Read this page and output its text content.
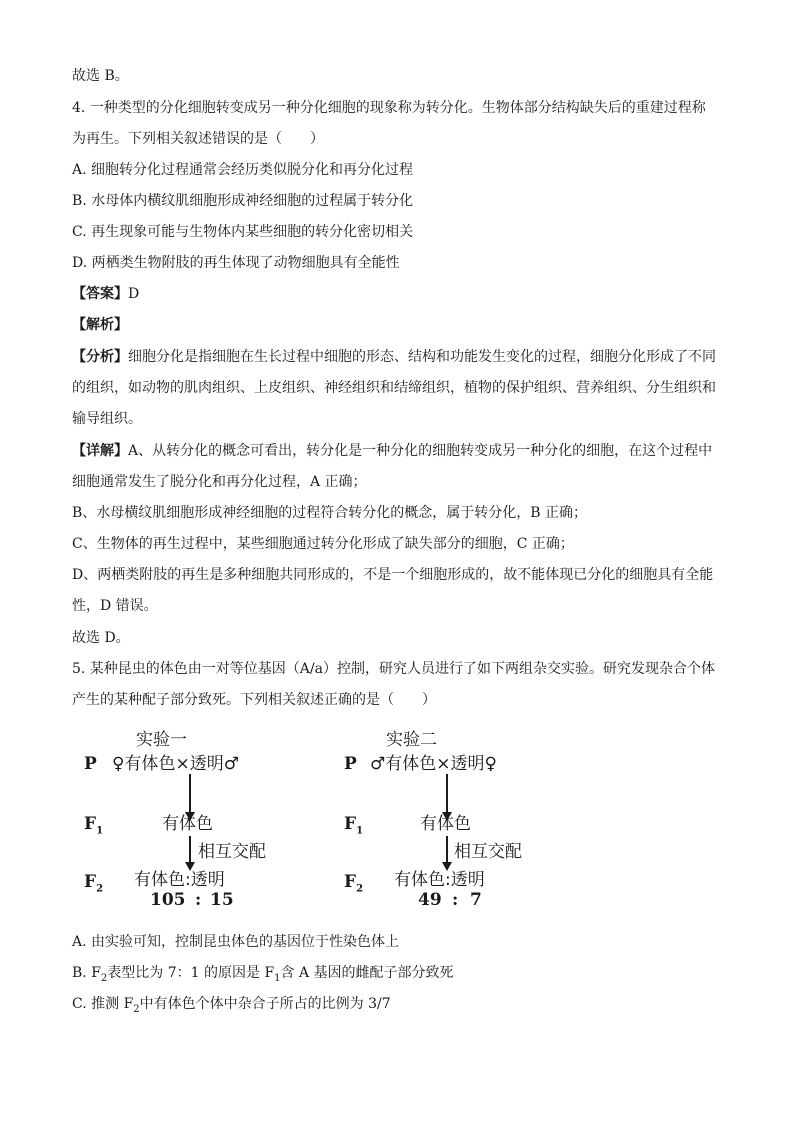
故选 B。
4. 一种类型的分化细胞转变成另一种分化细胞的现象称为转分化。生物体部分结构缺失后的重建过程称
为再生。下列相关叙述错误的是（　　）
A. 细胞转分化过程通常会经历类似脱分化和再分化过程
B. 水母体内横纹肌细胞形成神经细胞的过程属于转分化
C. 再生现象可能与生物体内某些细胞的转分化密切相关
D. 两栖类生物附肢的再生体现了动物细胞具有全能性
【答案】D
【解析】
【分析】细胞分化是指细胞在生长过程中细胞的形态、结构和功能发生变化的过程，细胞分化形成了不同
的组织，如动物的肌肉组织、上皮组织、神经组织和结缔组织，植物的保护组织、营养组织、分生组织和
输导组织。
【详解】A、从转分化的概念可看出，转分化是一种分化的细胞转变成另一种分化的细胞，在这个过程中
细胞通常发生了脱分化和再分化过程，A 正确；
B、水母横纹肌细胞形成神经细胞的过程符合转分化的概念，属于转分化，B 正确；
C、生物体的再生过程中，某些细胞通过转分化形成了缺失部分的细胞，C 正确；
D、两栖类附肢的再生是多种细胞共同形成的，不是一个细胞形成的，故不能体现已分化的细胞具有全能
性，D 错误。
故选 D。
5. 某种昆虫的体色由一对等位基因（A/a）控制，研究人员进行了如下两组杂交实验。研究发现杂合个体
产生的某种配子部分致死。下列相关叙述正确的是（　　）
实验一
P ♀有体色×透明♂
$F_1$	有体色
相互交配
$F_2$ 有体色:透明
105 : 15
实验二
P ♂有体色×透明♀
$F_1$	有体色
相互交配
$F_2$ 有体色:透明
49 : 7
A. 由实验可知，控制昆虫体色的基因位于性染色体上
B. $F_2$表型比为 7：1 的原因是 $F_1$含 A 基因的雌配子部分致死
C. 推测 $F_2$中有体色个体中杂合子所占的比例为 3/7
